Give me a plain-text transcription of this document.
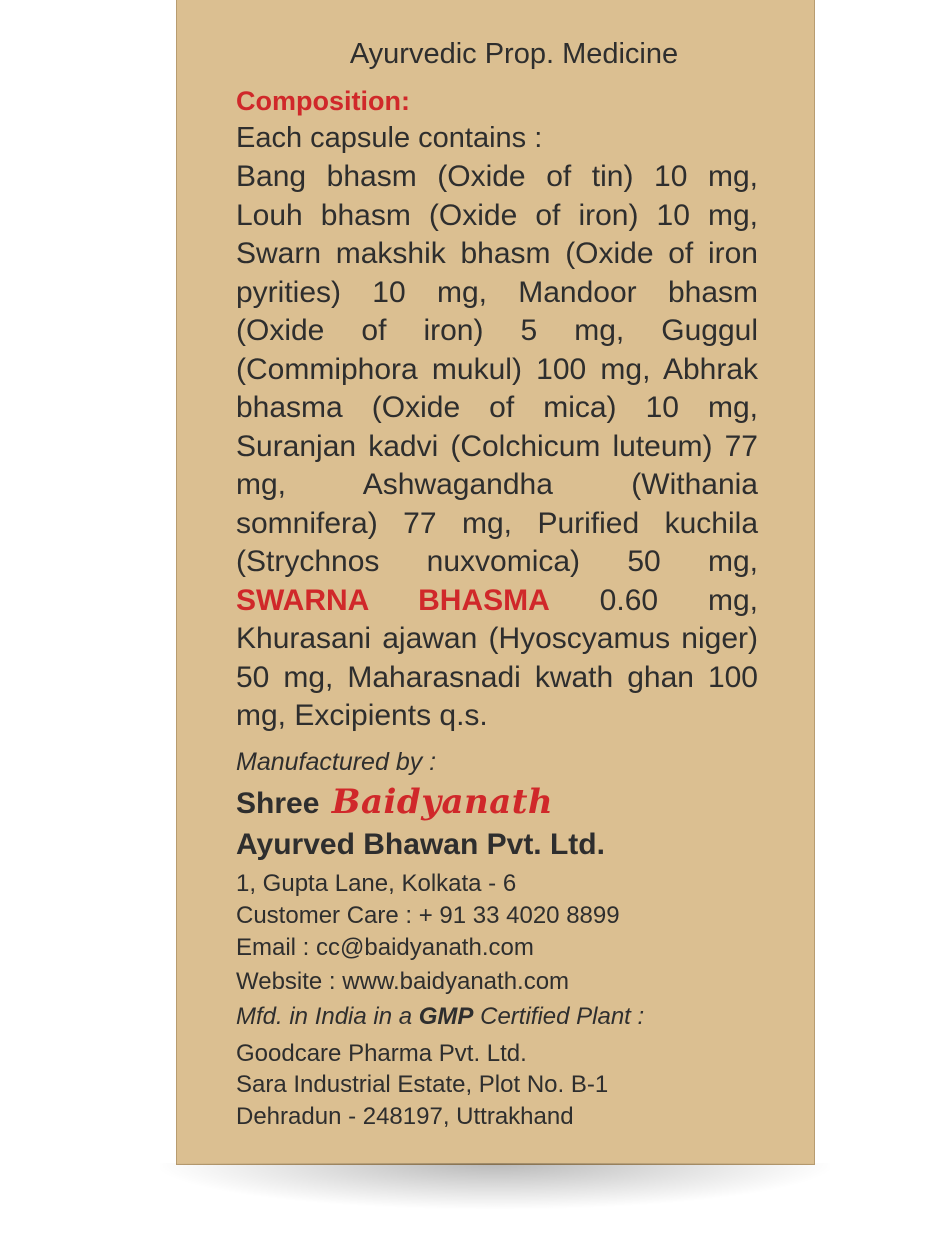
Ayurvedic Prop. Medicine
Composition:
Each capsule contains :
Bang bhasm (Oxide of tin) 10 mg, Louh bhasm (Oxide of iron) 10 mg, Swarn makshik bhasm (Oxide of iron pyrities) 10 mg, Mandoor bhasm (Oxide of iron) 5 mg, Guggul (Commiphora mukul) 100 mg, Abhrak bhasma (Oxide of mica) 10 mg, Suranjan kadvi (Colchicum luteum) 77 mg, Ashwagandha (Withania somnifera) 77 mg, Purified kuchila (Strychnos nuxvomica) 50 mg, SWARNA BHASMA 0.60 mg, Khurasani ajawan (Hyoscyamus niger) 50 mg, Maharasnadi kwath ghan 100 mg, Excipients q.s.
Manufactured by :
Shree Baidyanath
Ayurved Bhawan Pvt. Ltd.
1, Gupta Lane, Kolkata - 6
Customer Care : + 91 33 4020 8899
Email : cc@baidyanath.com
Website : www.baidyanath.com
Mfd. in India in a GMP Certified Plant :
Goodcare Pharma Pvt. Ltd.
Sara Industrial Estate, Plot No. B-1
Dehradun - 248197, Uttrakhand
